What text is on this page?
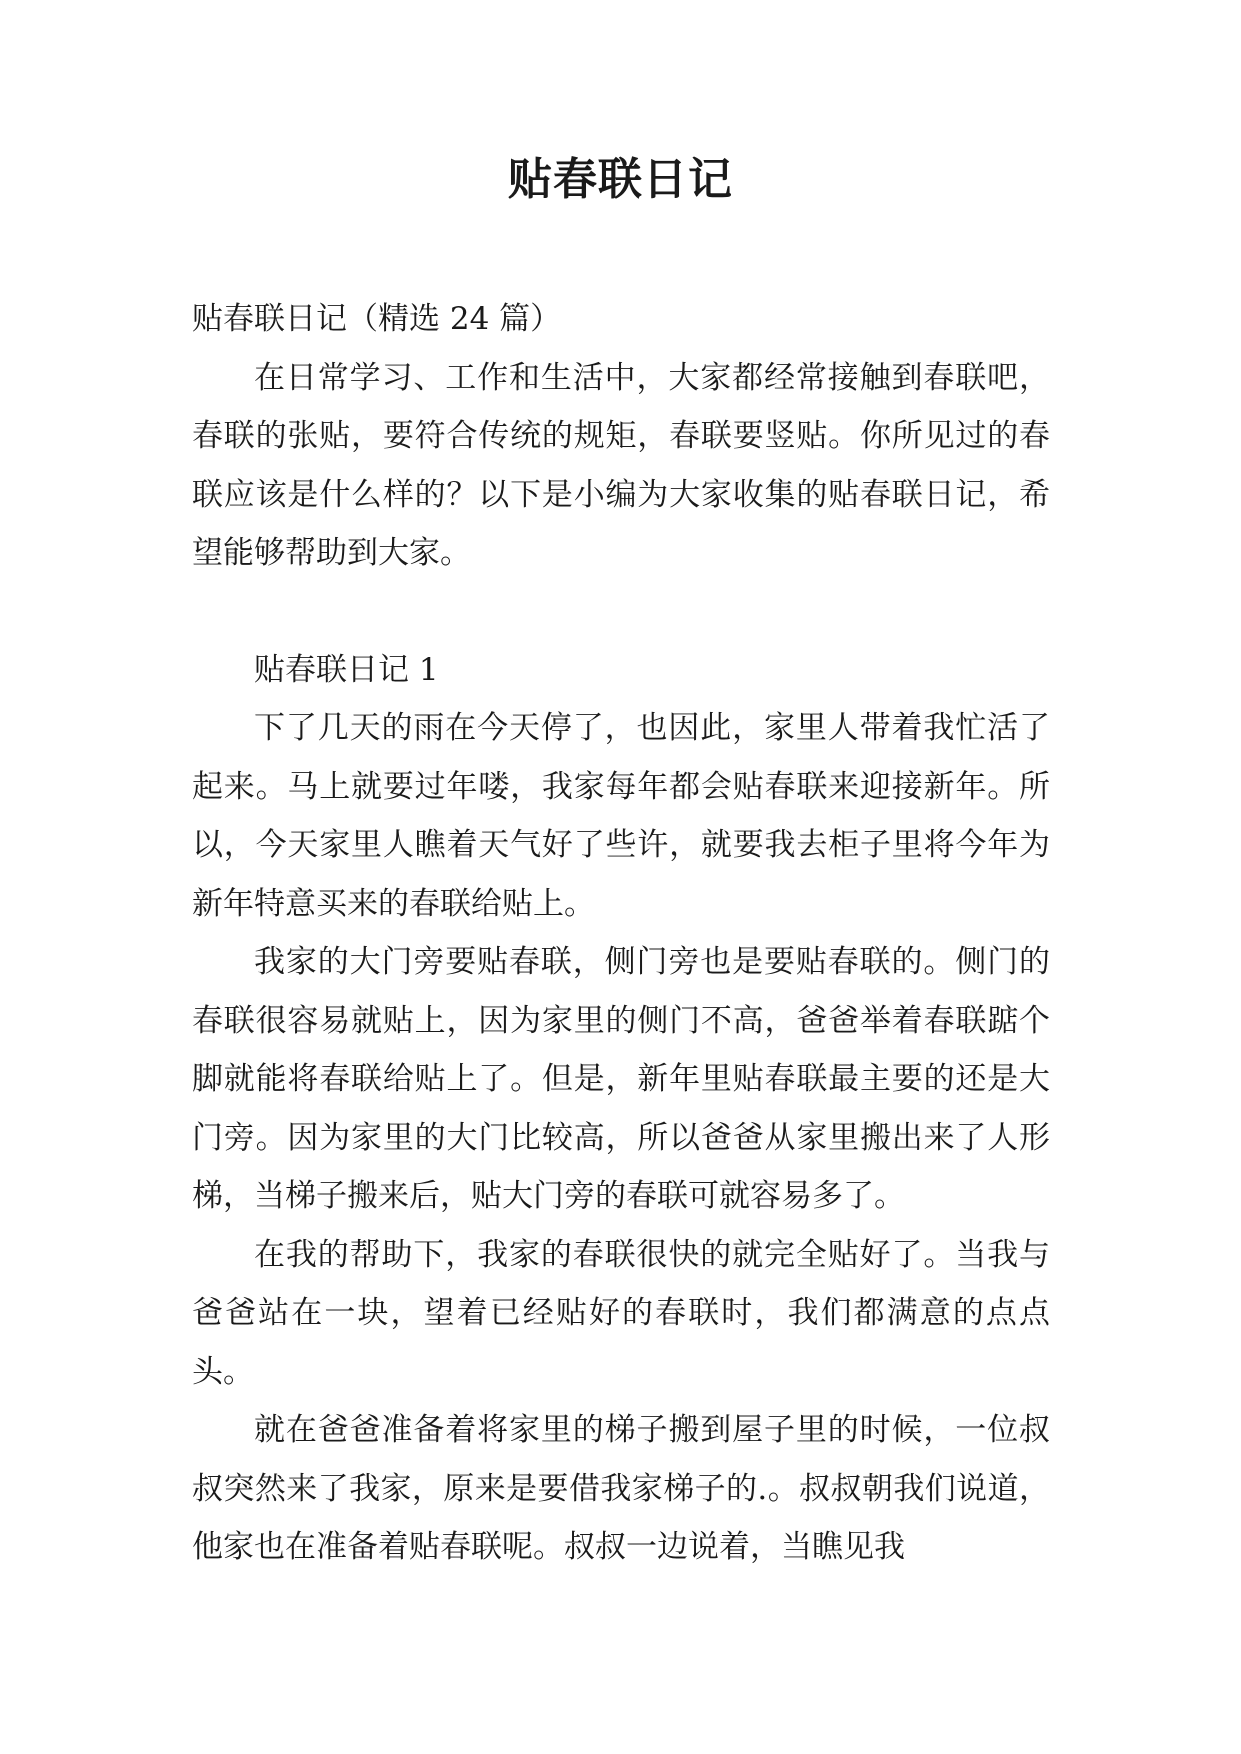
贴春联日记

贴春联日记（精选 24 篇）

在日常学习、工作和生活中，大家都经常接触到春联吧，春联的张贴，要符合传统的规矩，春联要竖贴。你所见过的春联应该是什么样的？以下是小编为大家收集的贴春联日记，希望能够帮助到大家。

贴春联日记 1

下了几天的雨在今天停了，也因此，家里人带着我忙活了起来。马上就要过年喽，我家每年都会贴春联来迎接新年。所以，今天家里人瞧着天气好了些许，就要我去柜子里将今年为新年特意买来的春联给贴上。

我家的大门旁要贴春联，侧门旁也是要贴春联的。侧门的春联很容易就贴上，因为家里的侧门不高，爸爸举着春联踮个脚就能将春联给贴上了。但是，新年里贴春联最主要的还是大门旁。因为家里的大门比较高，所以爸爸从家里搬出来了人形梯，当梯子搬来后，贴大门旁的春联可就容易多了。

在我的帮助下，我家的春联很快的就完全贴好了。当我与爸爸站在一块，望着已经贴好的春联时，我们都满意的点点头。

就在爸爸准备着将家里的梯子搬到屋子里的时候，一位叔叔突然来了我家，原来是要借我家梯子的.。叔叔朝我们说道，他家也在准备着贴春联呢。叔叔一边说着，当瞧见我
